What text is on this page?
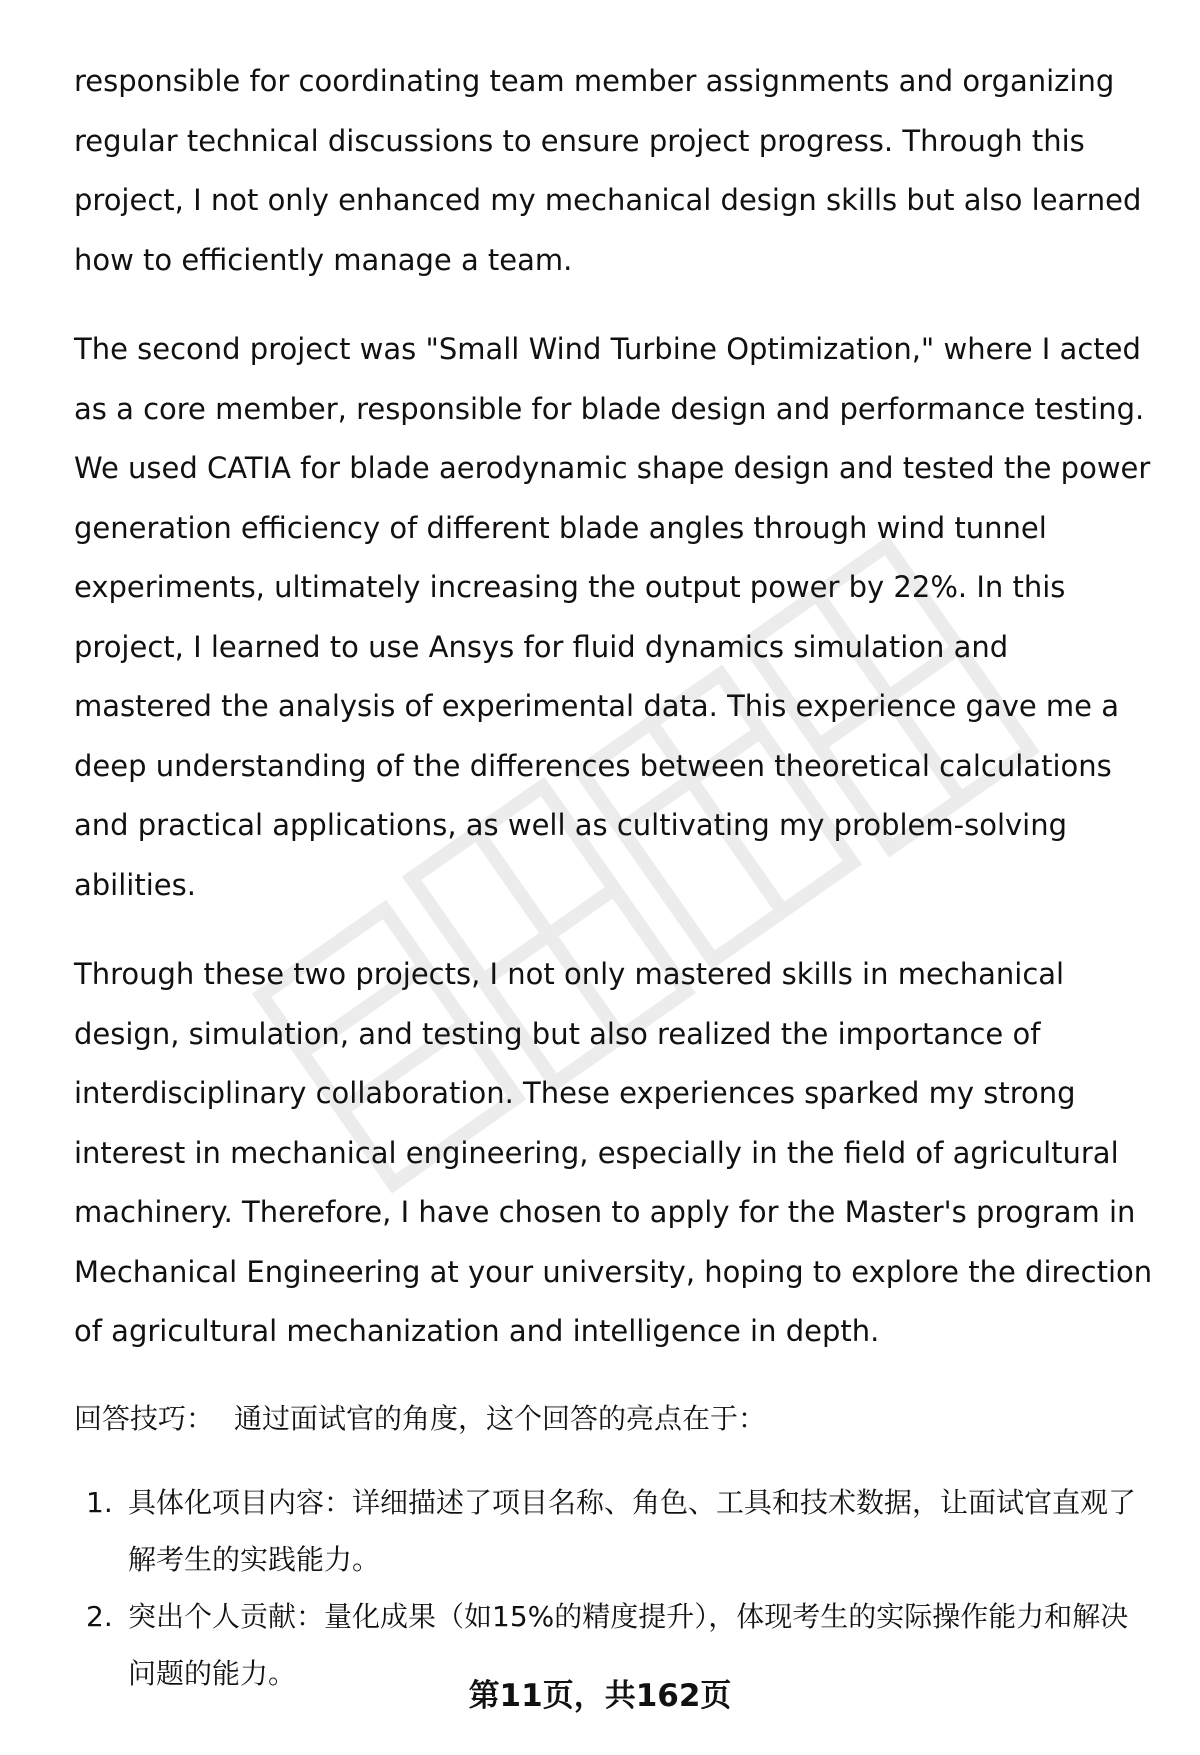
responsible for coordinating team member assignments and organizing regular technical discussions to ensure project progress. Through this project, I not only enhanced my mechanical design skills but also learned how to efficiently manage a team.

The second project was "Small Wind Turbine Optimization," where I acted as a core member, responsible for blade design and performance testing. We used CATIA for blade aerodynamic shape design and tested the power generation efficiency of different blade angles through wind tunnel experiments, ultimately increasing the output power by 22%. In this project, I learned to use Ansys for fluid dynamics simulation and mastered the analysis of experimental data. This experience gave me a deep understanding of the differences between theoretical calculations and practical applications, as well as cultivating my problem-solving abilities.

Through these two projects, I not only mastered skills in mechanical design, simulation, and testing but also realized the importance of interdisciplinary collaboration. These experiences sparked my strong interest in mechanical engineering, especially in the field of agricultural machinery. Therefore, I have chosen to apply for the Master's program in Mechanical Engineering at your university, hoping to explore the direction of agricultural mechanization and intelligence in depth.

回答技巧： 通过面试官的角度，这个回答的亮点在于：
1. 具体化项目内容：详细描述了项目名称、角色、工具和技术数据，让面试官直观了解考生的实践能力。
2. 突出个人贡献：量化成果（如15%的精度提升），体现考生的实际操作能力和解决问题的能力。
第11页，共162页
